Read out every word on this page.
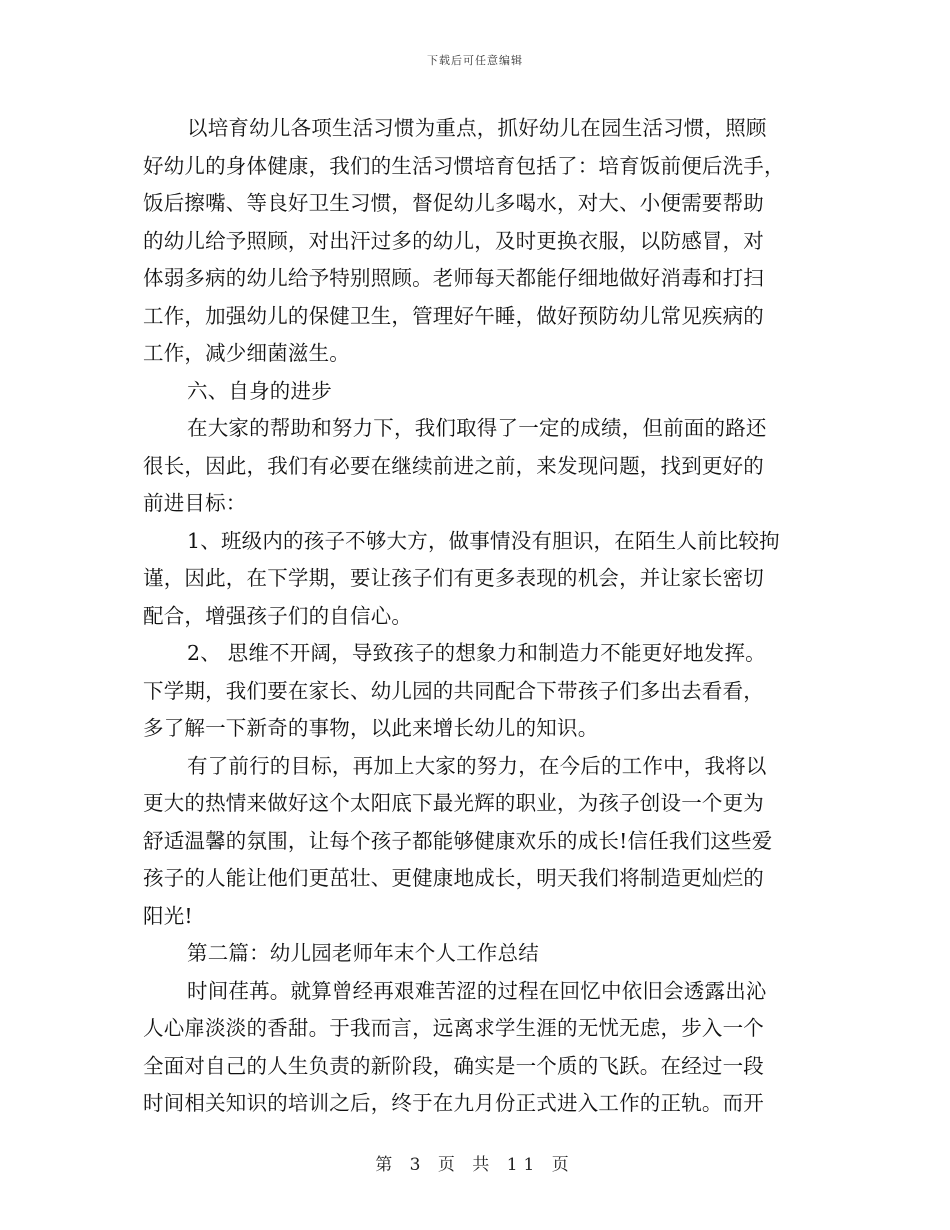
下载后可任意编辑
以培育幼儿各项生活习惯为重点，抓好幼儿在园生活习惯，照顾
好幼儿的身体健康，我们的生活习惯培育包括了：培育饭前便后洗手，
饭后擦嘴、等良好卫生习惯，督促幼儿多喝水，对大、小便需要帮助
的幼儿给予照顾，对出汗过多的幼儿，及时更换衣服，以防感冒，对
体弱多病的幼儿给予特别照顾。老师每天都能仔细地做好消毒和打扫
工作，加强幼儿的保健卫生，管理好午睡，做好预防幼儿常见疾病的
工作，减少细菌滋生。
六、自身的进步
在大家的帮助和努力下，我们取得了一定的成绩，但前面的路还
很长，因此，我们有必要在继续前进之前，来发现问题，找到更好的
前进目标：
1、班级内的孩子不够大方，做事情没有胆识，在陌生人前比较拘
谨，因此，在下学期，要让孩子们有更多表现的机会，并让家长密切
配合，增强孩子们的自信心。
2、 思维不开阔，导致孩子的想象力和制造力不能更好地发挥。
下学期，我们要在家长、幼儿园的共同配合下带孩子们多出去看看，
多了解一下新奇的事物，以此来增长幼儿的知识。
有了前行的目标，再加上大家的努力，在今后的工作中，我将以
更大的热情来做好这个太阳底下最光辉的职业，为孩子创设一个更为
舒适温馨的氛围，让每个孩子都能够健康欢乐的成长!信任我们这些爱
孩子的人能让他们更茁壮、更健康地成长，明天我们将制造更灿烂的
阳光!
第二篇：幼儿园老师年末个人工作总结
时间荏苒。就算曾经再艰难苦涩的过程在回忆中依旧会透露出沁
人心扉淡淡的香甜。于我而言，远离求学生涯的无忧无虑，步入一个
全面对自己的人生负责的新阶段，确实是一个质的飞跃。在经过一段
时间相关知识的培训之后，终于在九月份正式进入工作的正轨。而开
第 3 页 共 11 页
